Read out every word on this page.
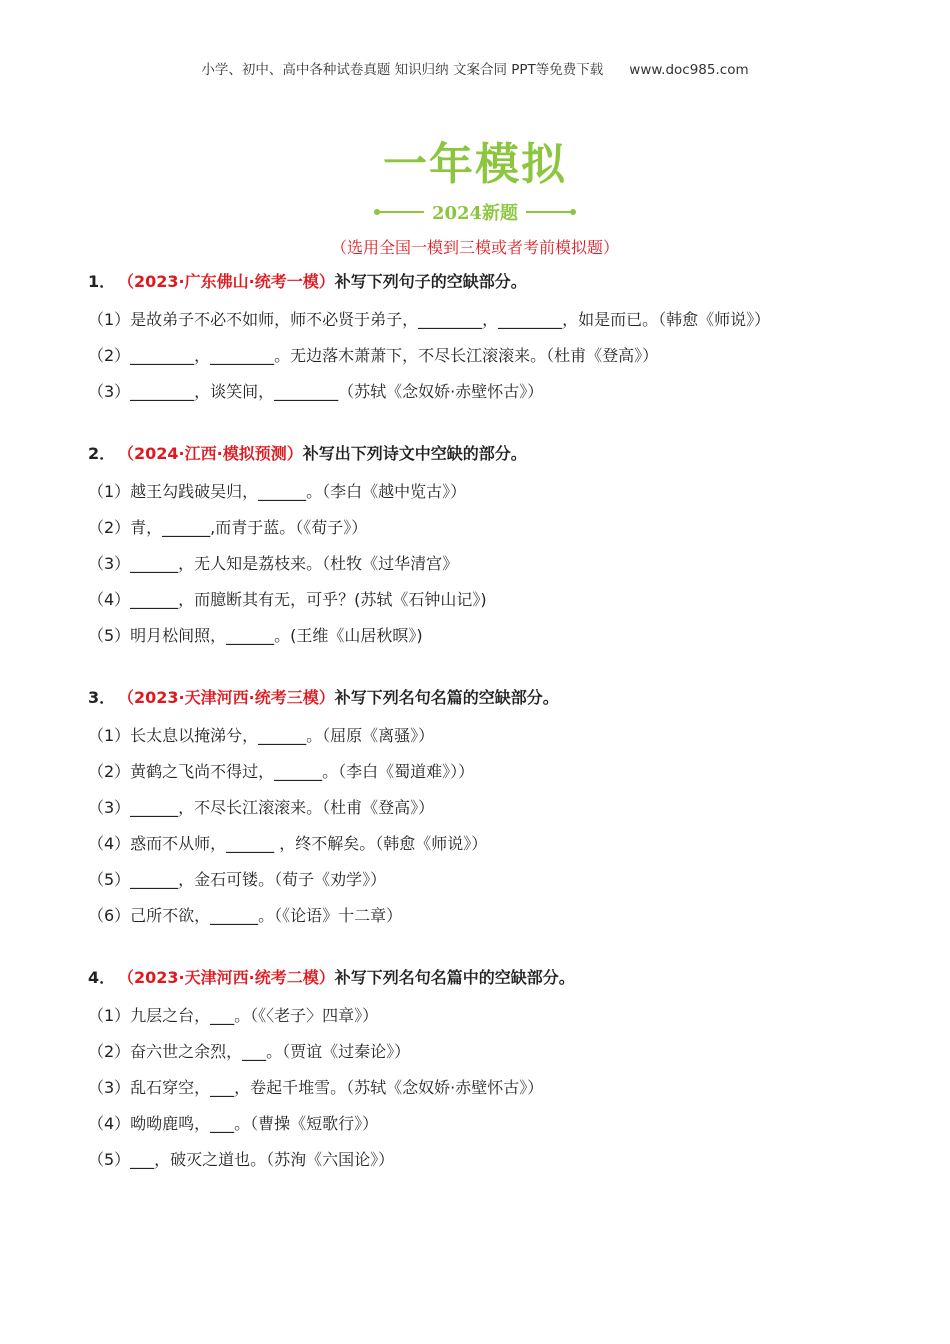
小学、初中、高中各种试卷真题 知识归纳 文案合同 PPT等免费下载 www.doc985.com
一年模拟
2024新题
（选用全国一模到三模或者考前模拟题）
1． （2023·广东佛山·统考一模）补写下列句子的空缺部分。
（1）是故弟子不必不如师，师不必贤于弟子，________，________，如是而已。（韩愈《师说》）
（2）________，________。无边落木萧萧下，不尽长江滚滚来。（杜甫《登高》）
（3）________，谈笑间，________（苏轼《念奴娇·赤壁怀古》）
2． （2024·江西·模拟预测）补写出下列诗文中空缺的部分。
（1）越王勾践破吴归，______。（李白《越中览古》）
（2）青，______,而青于蓝。（《荀子》）
（3）______，无人知是荔枝来。（杜牧《过华清宫》
（4）______，而臆断其有无，可乎？(苏轼《石钟山记》)
（5）明月松间照，______。(王维《山居秋暝》)
3． （2023·天津河西·统考三模）补写下列名句名篇的空缺部分。
（1）长太息以掩涕兮，______。（屈原《离骚》）
（2）黄鹤之飞尚不得过，______。（李白《蜀道难》））
（3）______，不尽长江滚滚来。（杜甫《登高》）
（4）惑而不从师，______ ，终不解矣。（韩愈《师说》）
（5）______，金石可镂。（荀子《劝学》）
（6）己所不欲，______。（《论语》十二章）
4． （2023·天津河西·统考二模）补写下列名句名篇中的空缺部分。
（1）九层之台，___。（《〈老子〉四章》）
（2）奋六世之余烈，___。（贾谊《过秦论》）
（3）乱石穿空，___，卷起千堆雪。（苏轼《念奴娇·赤壁怀古》）
（4）呦呦鹿鸣，___。（曹操《短歌行》）
（5）___，破灭之道也。（苏洵《六国论》）
